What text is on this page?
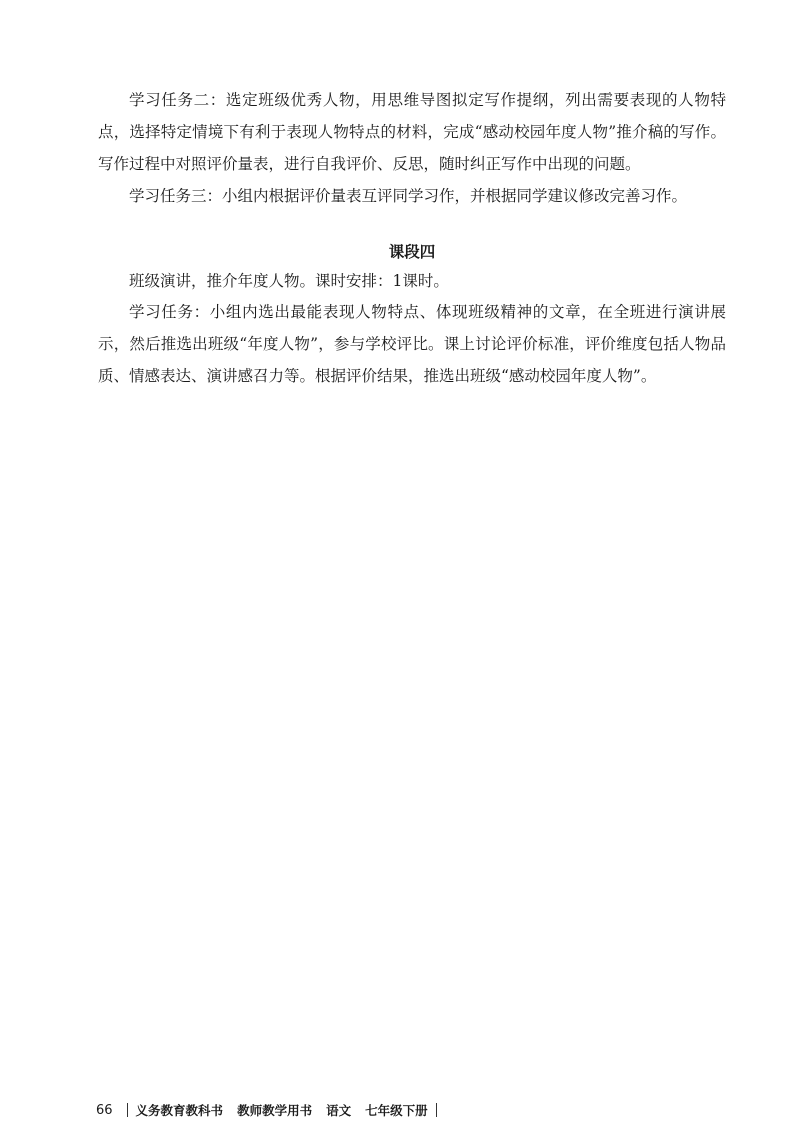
学习任务二：选定班级优秀人物，用思维导图拟定写作提纲，列出需要表现的人物特点，选择特定情境下有利于表现人物特点的材料，完成“感动校园年度人物”推介稿的写作。写作过程中对照评价量表，进行自我评价、反思，随时纠正写作中出现的问题。

学习任务三：小组内根据评价量表互评同学习作，并根据同学建议修改完善习作。

课段四

班级演讲，推介年度人物。课时安排：1课时。

学习任务：小组内选出最能表现人物特点、体现班级精神的文章，在全班进行演讲展示，然后推选出班级“年度人物”，参与学校评比。课上讨论评价标准，评价维度包括人物品质、情感表达、演讲感召力等。根据评价结果，推选出班级“感动校园年度人物”。

66 义务教育教科书 教师教学用书 语文 七年级下册
